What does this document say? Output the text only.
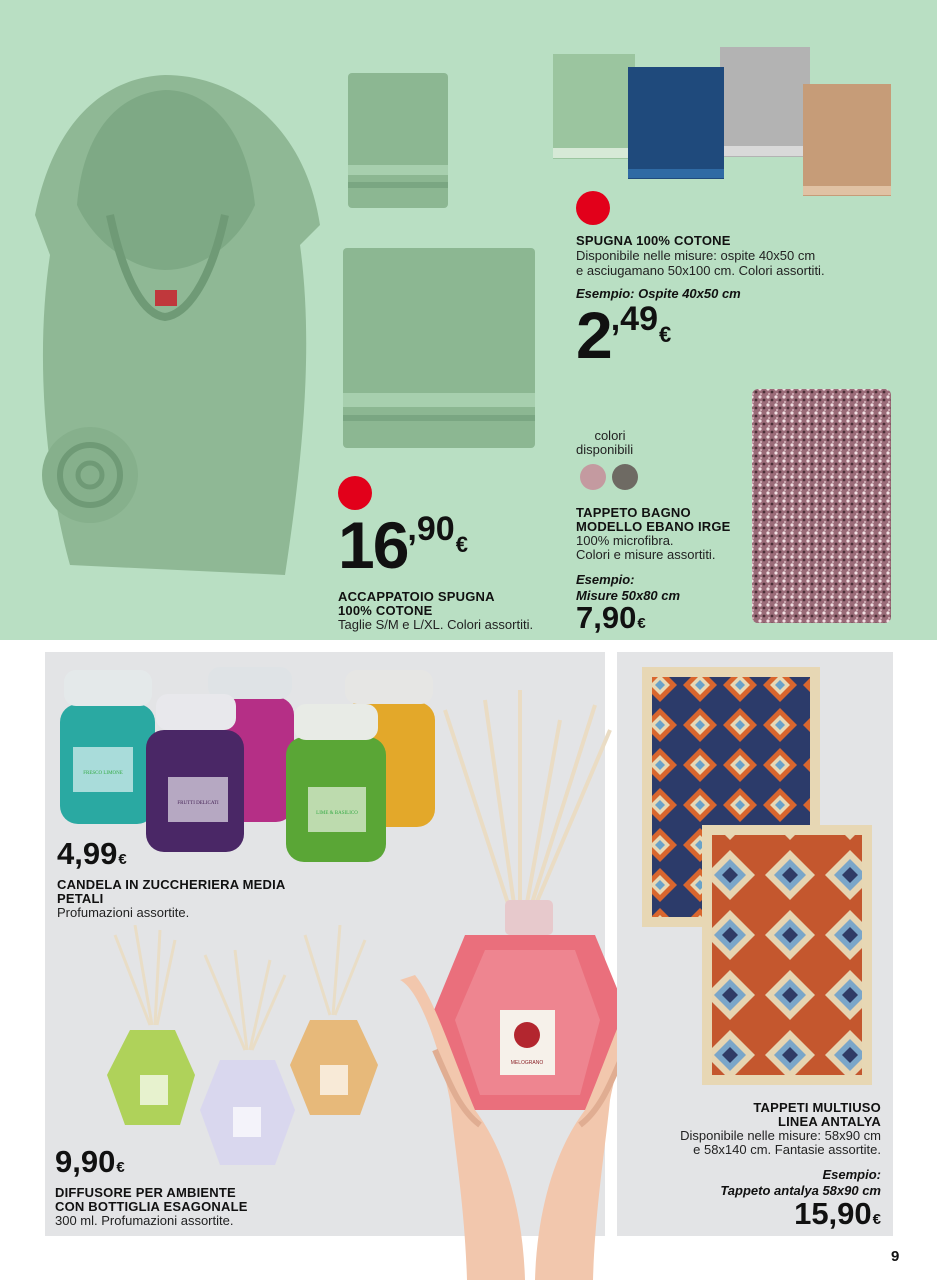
SPUGNA 100% COTONE
Disponibile nelle misure: ospite 40x50 cm
e asciugamano 50x100 cm. Colori assortiti.
Esempio: Ospite 40x50 cm
2,49€
16,90€
ACCAPPATOIO SPUGNA
100% COTONE
Taglie S/M e L/XL. Colori assortiti.
colori
disponibili
TAPPETO BAGNO
MODELLO EBANO IRGE
100% microfibra.
Colori e misure assortiti.
Esempio:
Misure 50x80 cm
7,90€
FRESCO LIMONE
FRUTTI DELICATI
LIME & BASILICO
4,99€
CANDELA IN ZUCCHERIERA MEDIA
PETALI
Profumazioni assortite.
9,90€
DIFFUSORE PER AMBIENTE
CON BOTTIGLIA ESAGONALE
300 ml. Profumazioni assortite.
MELOGRANO
TAPPETI MULTIUSO
LINEA ANTALYA
Disponibile nelle misure: 58x90 cm
e 58x140 cm. Fantasie assortite.
Esempio:
Tappeto antalya 58x90 cm
15,90€
9
